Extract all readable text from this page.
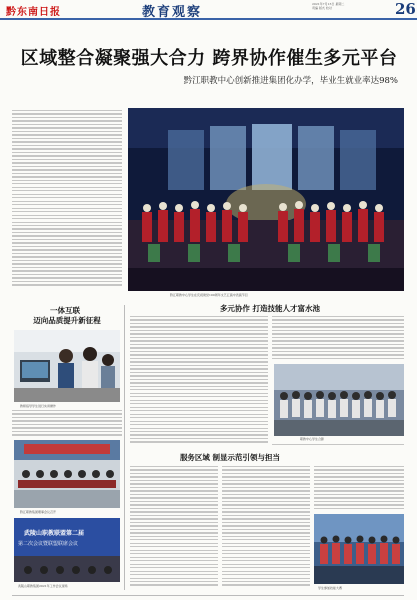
黔东南日报	教育观察
2021年7月13日 星期二
责编 版式 校对	26
区域整合凝聚强大合力 跨界协作催生多元平台
黔江职教中心创新推进集团化办学，毕业生就业率达98%
黔江职教中心学生在庆祝建党100周年文艺汇演中表演节目
一体互联
迈向品质提升新征程
教师指导学生进行实训操作
黔江职教集团理事会议召开
武陵山职教联盟第二届
第二次会议暨联盟联席会议
武陵山职教集团2021年工作会议现场
多元协作 打造技能人才富水池
职教中心学生合影
服务区域 制显示范引领与担当
学生参加技能大赛
